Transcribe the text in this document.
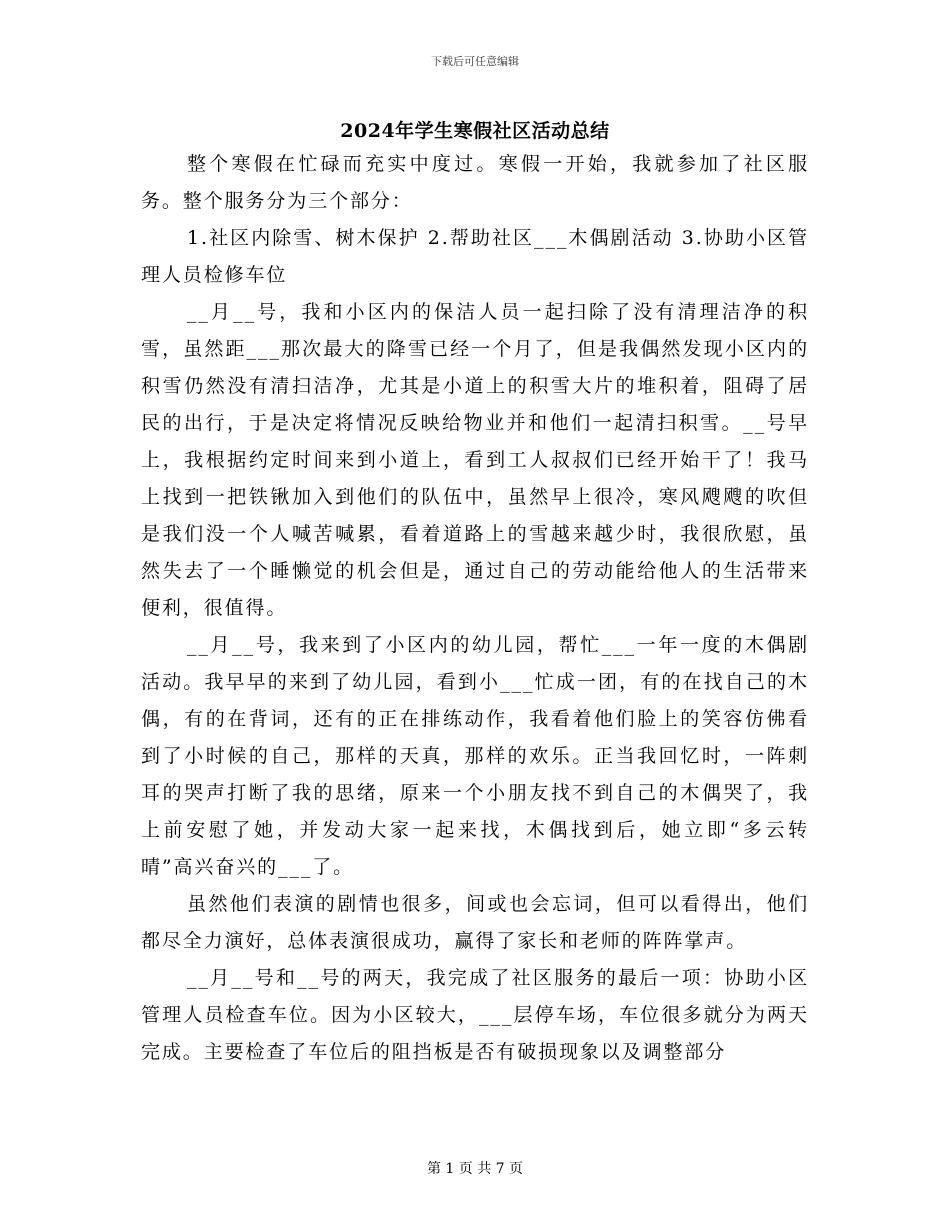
下载后可任意编辑
2024年学生寒假社区活动总结

整个寒假在忙碌而充实中度过。寒假一开始，我就参加了社区服务。整个服务分为三个部分：

1.社区内除雪、树木保护 2.帮助社区___木偶剧活动 3.协助小区管理人员检修车位

__月__号，我和小区内的保洁人员一起扫除了没有清理洁净的积雪，虽然距___那次最大的降雪已经一个月了，但是我偶然发现小区内的积雪仍然没有清扫洁净，尤其是小道上的积雪大片的堆积着，阻碍了居民的出行，于是决定将情况反映给物业并和他们一起清扫积雪。__号早上，我根据约定时间来到小道上，看到工人叔叔们已经开始干了！我马上找到一把铁锹加入到他们的队伍中，虽然早上很冷，寒风飕飕的吹但是我们没一个人喊苦喊累，看着道路上的雪越来越少时，我很欣慰，虽然失去了一个睡懒觉的机会但是，通过自己的劳动能给他人的生活带来便利，很值得。

__月__号，我来到了小区内的幼儿园，帮忙___一年一度的木偶剧活动。我早早的来到了幼儿园，看到小___忙成一团，有的在找自己的木偶，有的在背词，还有的正在排练动作，我看着他们脸上的笑容仿佛看到了小时候的自己，那样的天真，那样的欢乐。正当我回忆时，一阵刺耳的哭声打断了我的思绪，原来一个小朋友找不到自己的木偶哭了，我上前安慰了她，并发动大家一起来找，木偶找到后，她立即“多云转晴”高兴奋兴的___了。

虽然他们表演的剧情也很多，间或也会忘词，但可以看得出，他们都尽全力演好，总体表演很成功，赢得了家长和老师的阵阵掌声。

__月__号和__号的两天，我完成了社区服务的最后一项：协助小区管理人员检查车位。因为小区较大，___层停车场，车位很多就分为两天完成。主要检查了车位后的阻挡板是否有破损现象以及调整部分

第 1 页 共 7 页
